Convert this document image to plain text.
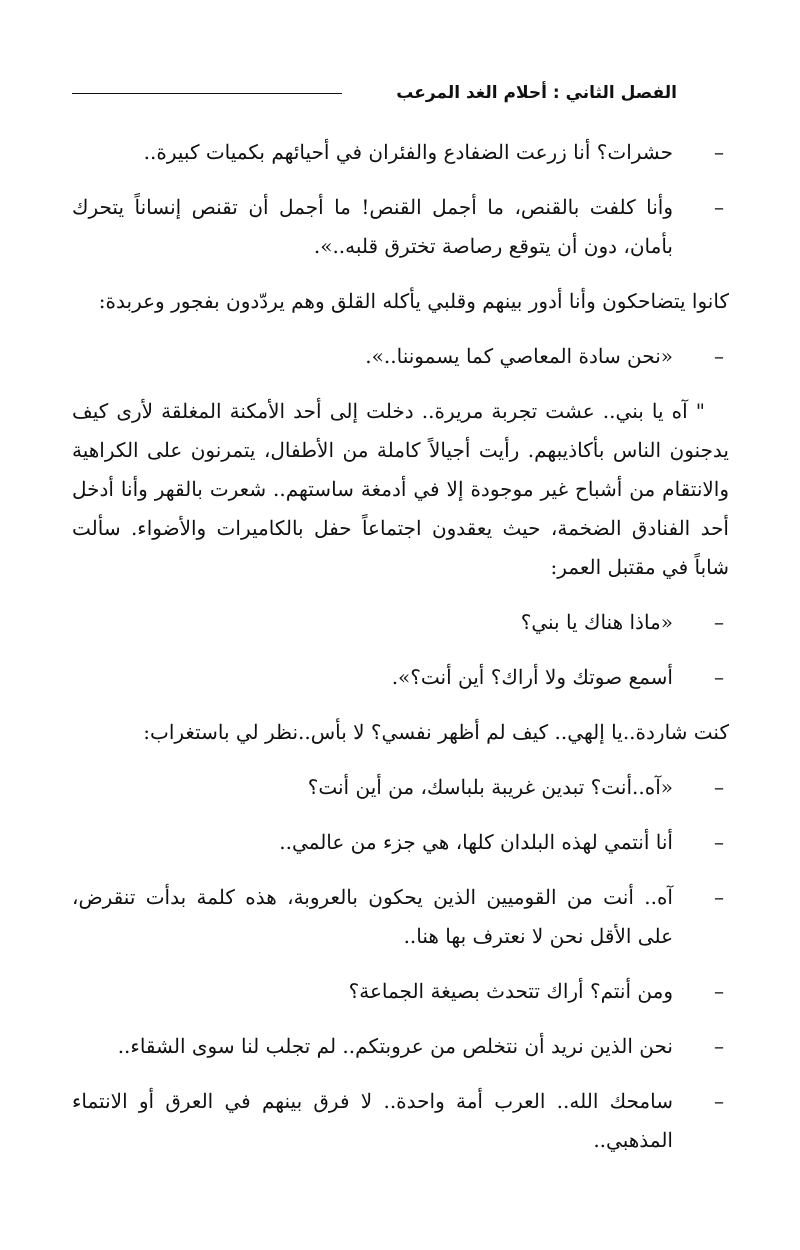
الفصل الثاني : أحلام الغد المرعب
–
حشرات؟ أنا زرعت الضفادع والفئران في أحيائهم بكميات كبيرة..
–
وأنا كلفت بالقنص، ما أجمل القنص! ما أجمل أن تقنص إنساناً يتحرك بأمان، دون أن يتوقع رصاصة تخترق قلبه..».
كانوا يتضاحكون وأنا أدور بينهم وقلبي يأكله القلق وهم يردّدون بفجور وعربدة:
–
«نحن سادة المعاصي كما يسموننا..».
" آه يا بني.. عشت تجربة مريرة.. دخلت إلى أحد الأمكنة المغلقة لأرى كيف يدجنون الناس بأكاذيبهم. رأيت أجيالاً كاملة من الأطفال، يتمرنون على الكراهية والانتقام من أشباح غير موجودة إلا في أدمغة ساستهم.. شعرت بالقهر وأنا أدخل أحد الفنادق الضخمة، حيث يعقدون اجتماعاً حفل بالكاميرات والأضواء. سألت شاباً في مقتبل العمر:
–
«ماذا هناك يا بني؟
–
أسمع صوتك ولا أراك؟ أين أنت؟».
كنت شاردة..يا إلهي.. كيف لم أظهر نفسي؟ لا بأس..نظر لي باستغراب:
–
«آه..أنت؟ تبدين غريبة بلباسك، من أين أنت؟
–
أنا أنتمي لهذه البلدان كلها، هي جزء من عالمي..
–
آه.. أنت من القوميين الذين يحكون بالعروبة، هذه كلمة بدأت تنقرض، على الأقل نحن لا نعترف بها هنا..
–
ومن أنتم؟ أراك تتحدث بصيغة الجماعة؟
–
نحن الذين نريد أن نتخلص من عروبتكم.. لم تجلب لنا سوى الشقاء..
–
سامحك الله.. العرب أمة واحدة.. لا فرق بينهم في العرق أو الانتماء المذهبي..
